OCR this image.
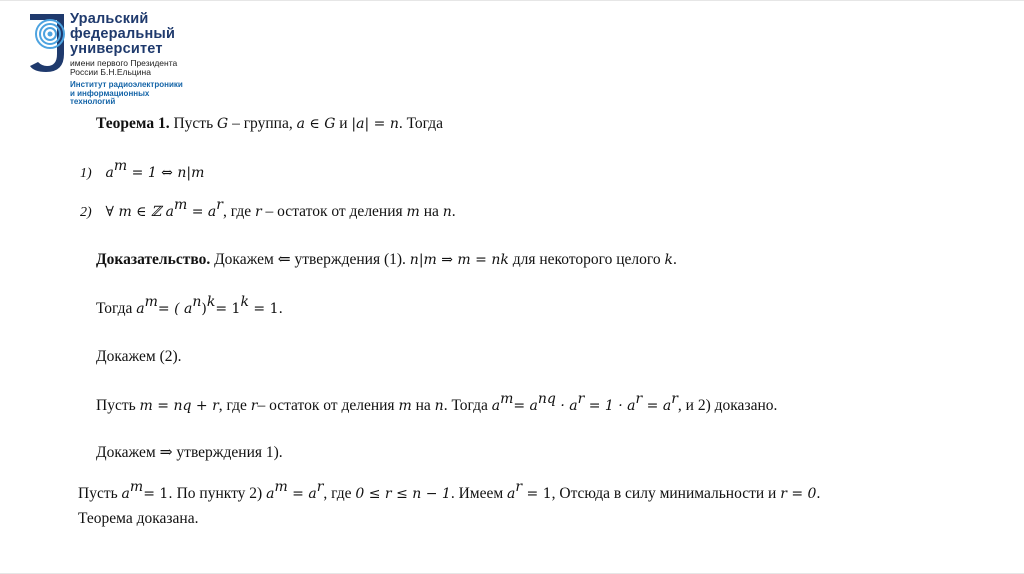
Уральский
федеральный
университет
имени первого Президента
России Б.Н.Ельцина
Институт радиоэлектроники
и информационных
технологий
Теорема 1. Пусть G – группа, a ∈ G и |a| = n. Тогда
1) $a^m = 1$ ⇔ n|m
2) ∀ m ∈ ℤ $a^m = a^r$, где r – остаток от деления m на n.
Доказательство. Докажем ⇐ утверждения (1). n|m ⇒ m = nk для некоторого целого k.
Тогда $a^m=$ ( $a^n)^k= 1^k = 1$.
Докажем (2).
Пусть m = nq + r, где r– остаток от деления m на n. Тогда $a^m= a^{nq} \cdot a^r = 1 \cdot a^r = a^r$, и 2) доказано.
Докажем ⇒ утверждения 1).
Пусть $a^m= 1$. По пункту 2) $a^m = a^r$, где 0 ≤ r ≤ n − 1. Имеем $a^r = 1$, Отсюда в силу минимальности и r = 0.
Теорема доказана.
